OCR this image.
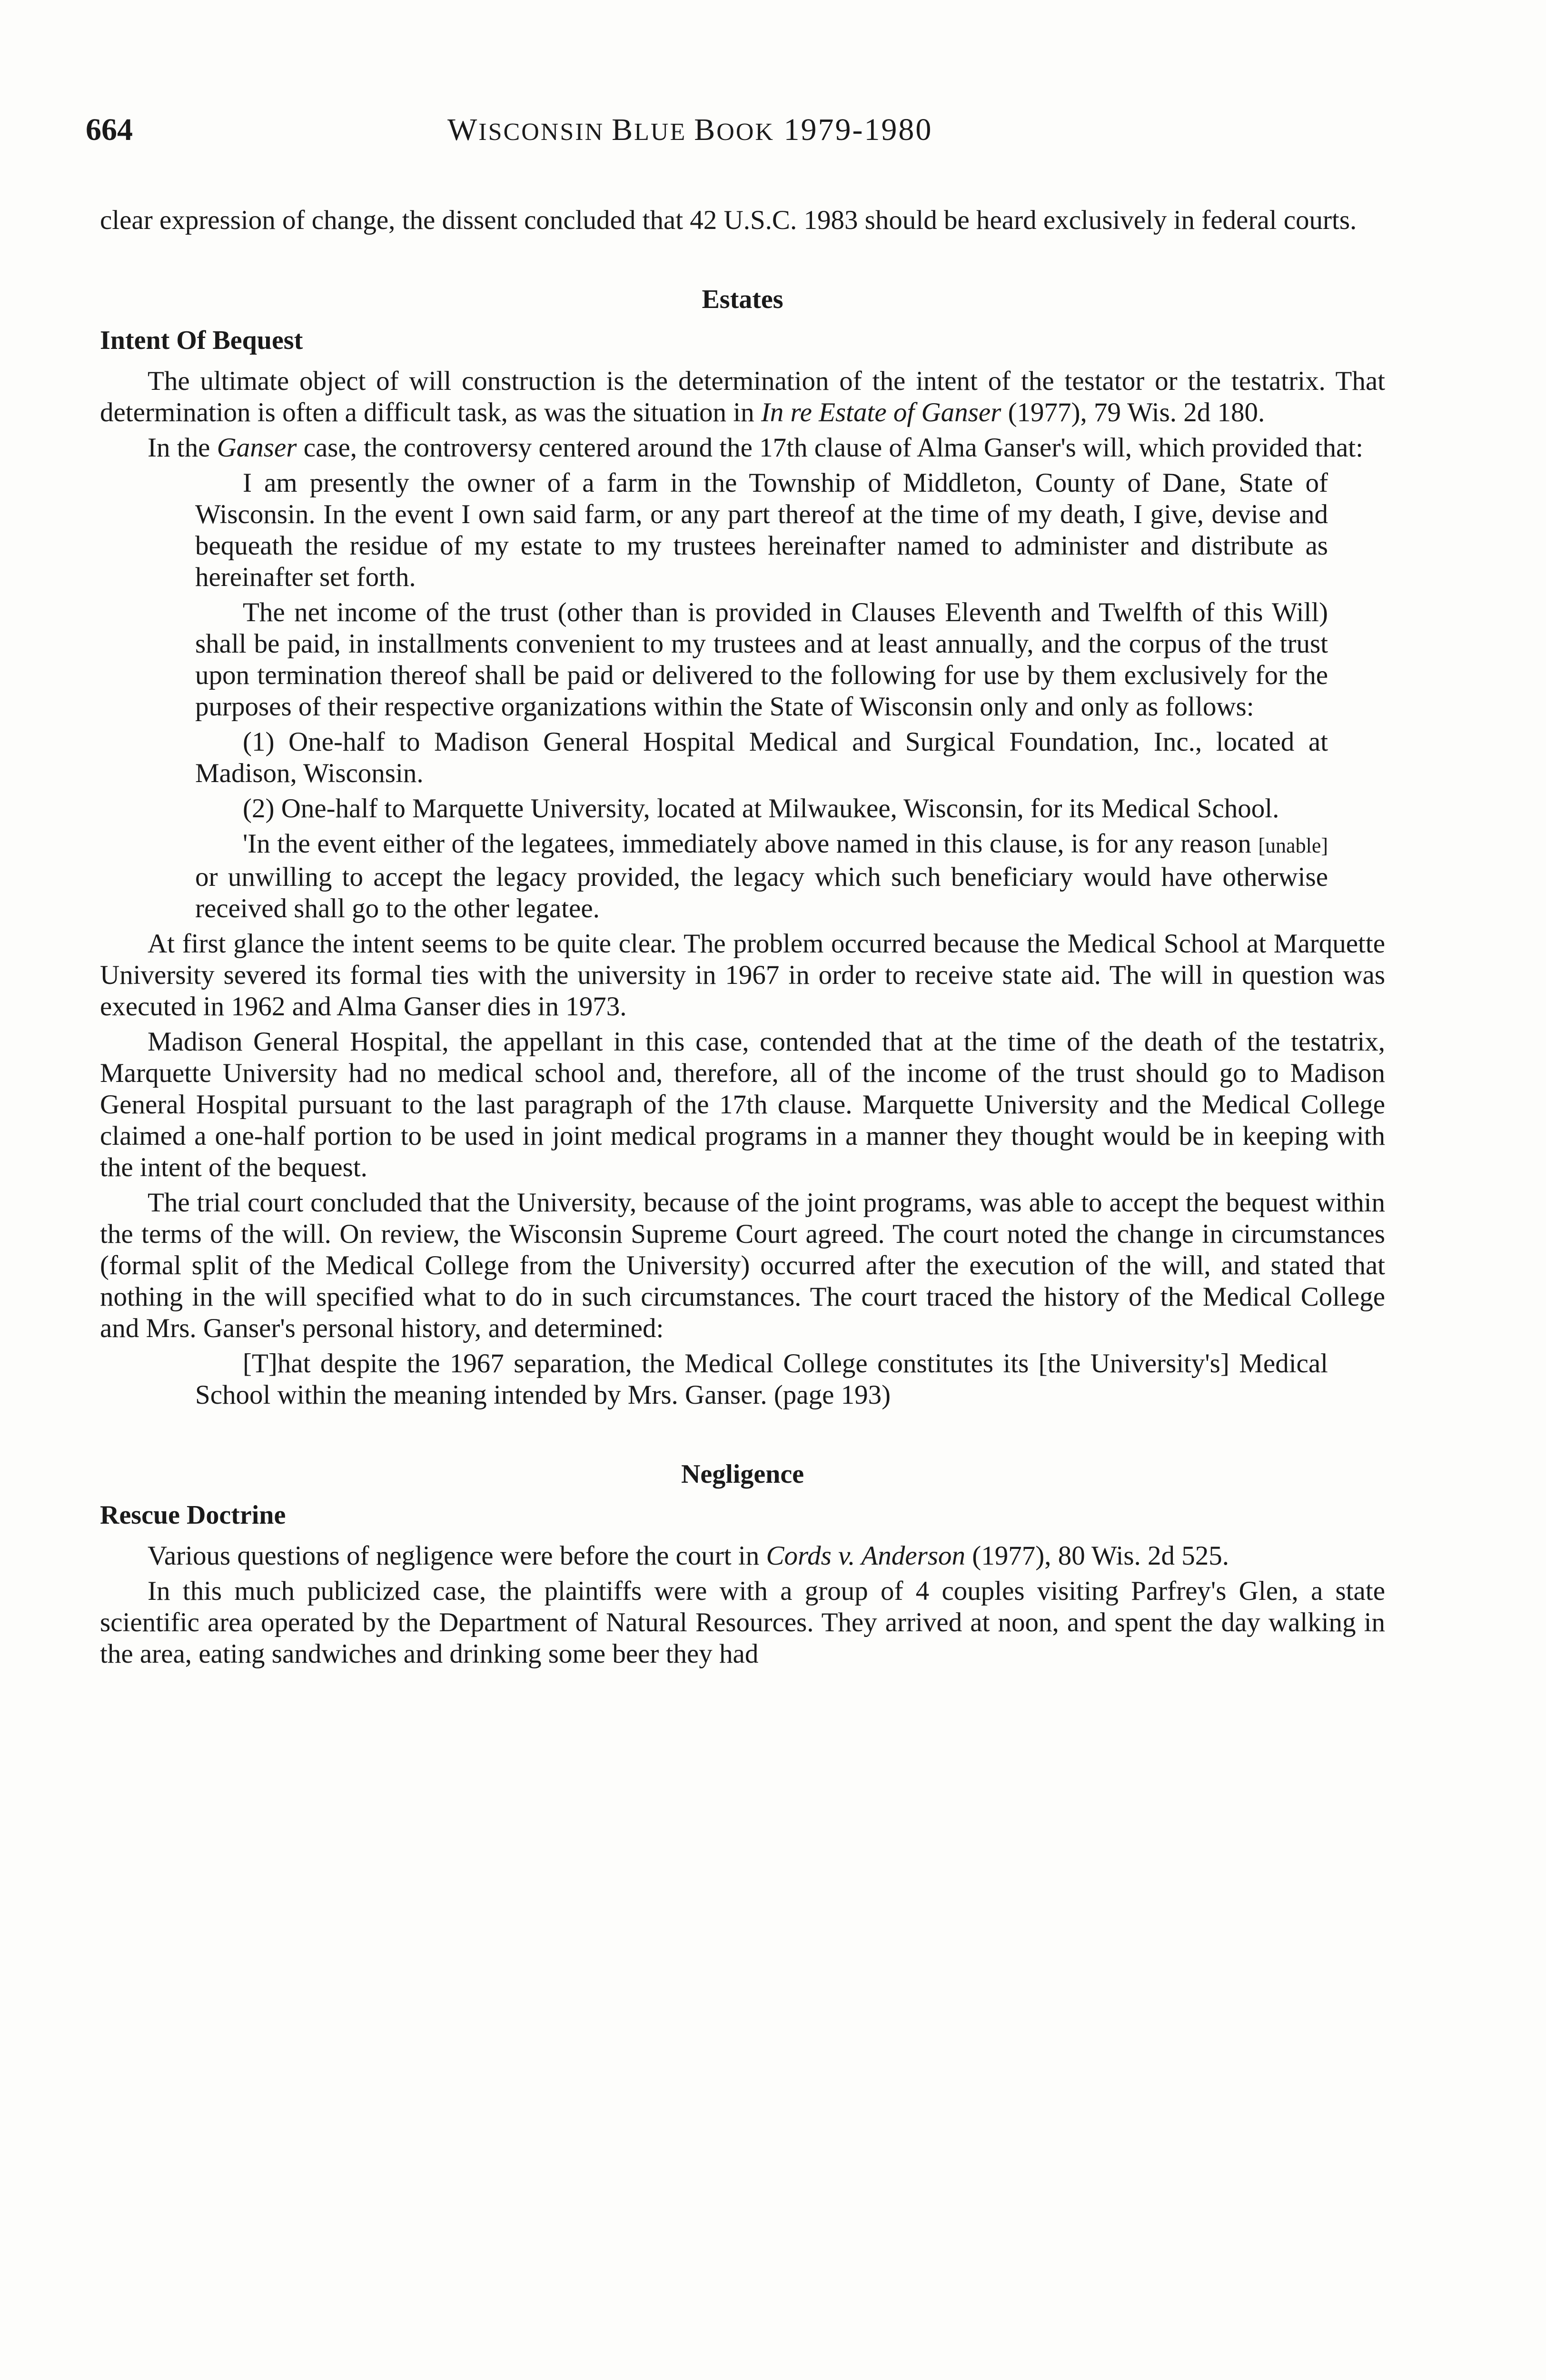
664	WISCONSIN BLUE BOOK 1979-1980

clear expression of change, the dissent concluded that 42 U.S.C. 1983 should be heard exclusively in federal courts.

Estates
Intent Of Bequest

The ultimate object of will construction is the determination of the intent of the testator or the testatrix. That determination is often a difficult task, as was the situation in In re Estate of Ganser (1977), 79 Wis. 2d 180.

In the Ganser case, the controversy centered around the 17th clause of Alma Ganser's will, which provided that:

I am presently the owner of a farm in the Township of Middleton, County of Dane, State of Wisconsin. In the event I own said farm, or any part thereof at the time of my death, I give, devise and bequeath the residue of my estate to my trustees hereinafter named to administer and distribute as hereinafter set forth.

The net income of the trust (other than is provided in Clauses Eleventh and Twelfth of this Will) shall be paid, in installments convenient to my trustees and at least annually, and the corpus of the trust upon termination thereof shall be paid or delivered to the following for use by them exclusively for the purposes of their respective organizations within the State of Wisconsin only and only as follows:

(1) One-half to Madison General Hospital Medical and Surgical Foundation, Inc., located at Madison, Wisconsin.

(2) One-half to Marquette University, located at Milwaukee, Wisconsin, for its Medical School.

'In the event either of the legatees, immediately above named in this clause, is for any reason [unable] or unwilling to accept the legacy provided, the legacy which such beneficiary would have otherwise received shall go to the other legatee.

At first glance the intent seems to be quite clear. The problem occurred because the Medical School at Marquette University severed its formal ties with the university in 1967 in order to receive state aid. The will in question was executed in 1962 and Alma Ganser dies in 1973.

Madison General Hospital, the appellant in this case, contended that at the time of the death of the testatrix, Marquette University had no medical school and, therefore, all of the income of the trust should go to Madison General Hospital pursuant to the last paragraph of the 17th clause. Marquette University and the Medical College claimed a one-half portion to be used in joint medical programs in a manner they thought would be in keeping with the intent of the bequest.

The trial court concluded that the University, because of the joint programs, was able to accept the bequest within the terms of the will. On review, the Wisconsin Supreme Court agreed. The court noted the change in circumstances (formal split of the Medical College from the University) occurred after the execution of the will, and stated that nothing in the will specified what to do in such circumstances. The court traced the history of the Medical College and Mrs. Ganser's personal history, and determined:

[T]hat despite the 1967 separation, the Medical College constitutes its [the University's] Medical School within the meaning intended by Mrs. Ganser. (page 193)

Negligence
Rescue Doctrine

Various questions of negligence were before the court in Cords v. Anderson (1977), 80 Wis. 2d 525.

In this much publicized case, the plaintiffs were with a group of 4 couples visiting Parfrey's Glen, a state scientific area operated by the Department of Natural Resources. They arrived at noon, and spent the day walking in the area, eating sandwiches and drinking some beer they had
